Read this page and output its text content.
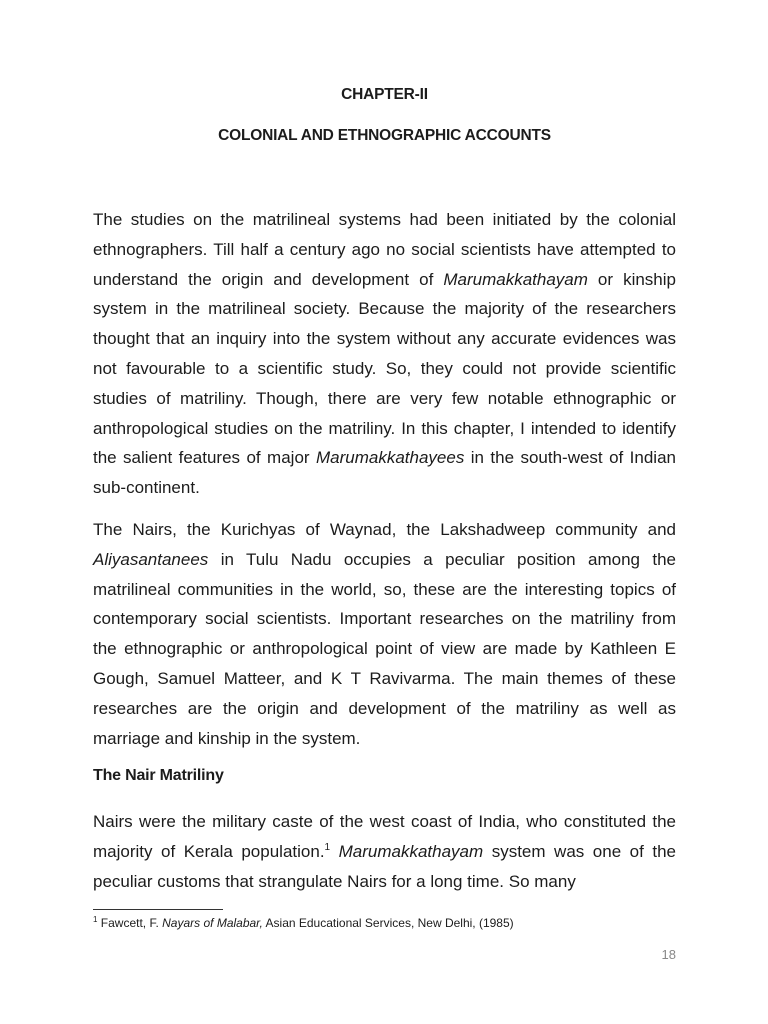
CHAPTER-II
COLONIAL AND ETHNOGRAPHIC ACCOUNTS

The studies on the matrilineal systems had been initiated by the colonial ethnographers. Till half a century ago no social scientists have attempted to understand the origin and development of Marumakkathayam or kinship system in the matrilineal society. Because the majority of the researchers thought that an inquiry into the system without any accurate evidences was not favourable to a scientific study. So, they could not provide scientific studies of matriliny. Though, there are very few notable ethnographic or anthropological studies on the matriliny. In this chapter, I intended to identify the salient features of major Marumakkathayees in the south-west of Indian sub-continent.

The Nairs, the Kurichyas of Waynad, the Lakshadweep community and Aliyasantanees in Tulu Nadu occupies a peculiar position among the matrilineal communities in the world, so, these are the interesting topics of contemporary social scientists. Important researches on the matriliny from the ethnographic or anthropological point of view are made by Kathleen E Gough, Samuel Matteer, and K T Ravivarma. The main themes of these researches are the origin and development of the matriliny as well as marriage and kinship in the system.

The Nair Matriliny

Nairs were the military caste of the west coast of India, who constituted the majority of Kerala population.$^1$ Marumakkathayam system was one of the peculiar customs that strangulate Nairs for a long time. So many

$^1$ Fawcett, F. Nayars of Malabar, Asian Educational Services, New Delhi, (1985)
18
